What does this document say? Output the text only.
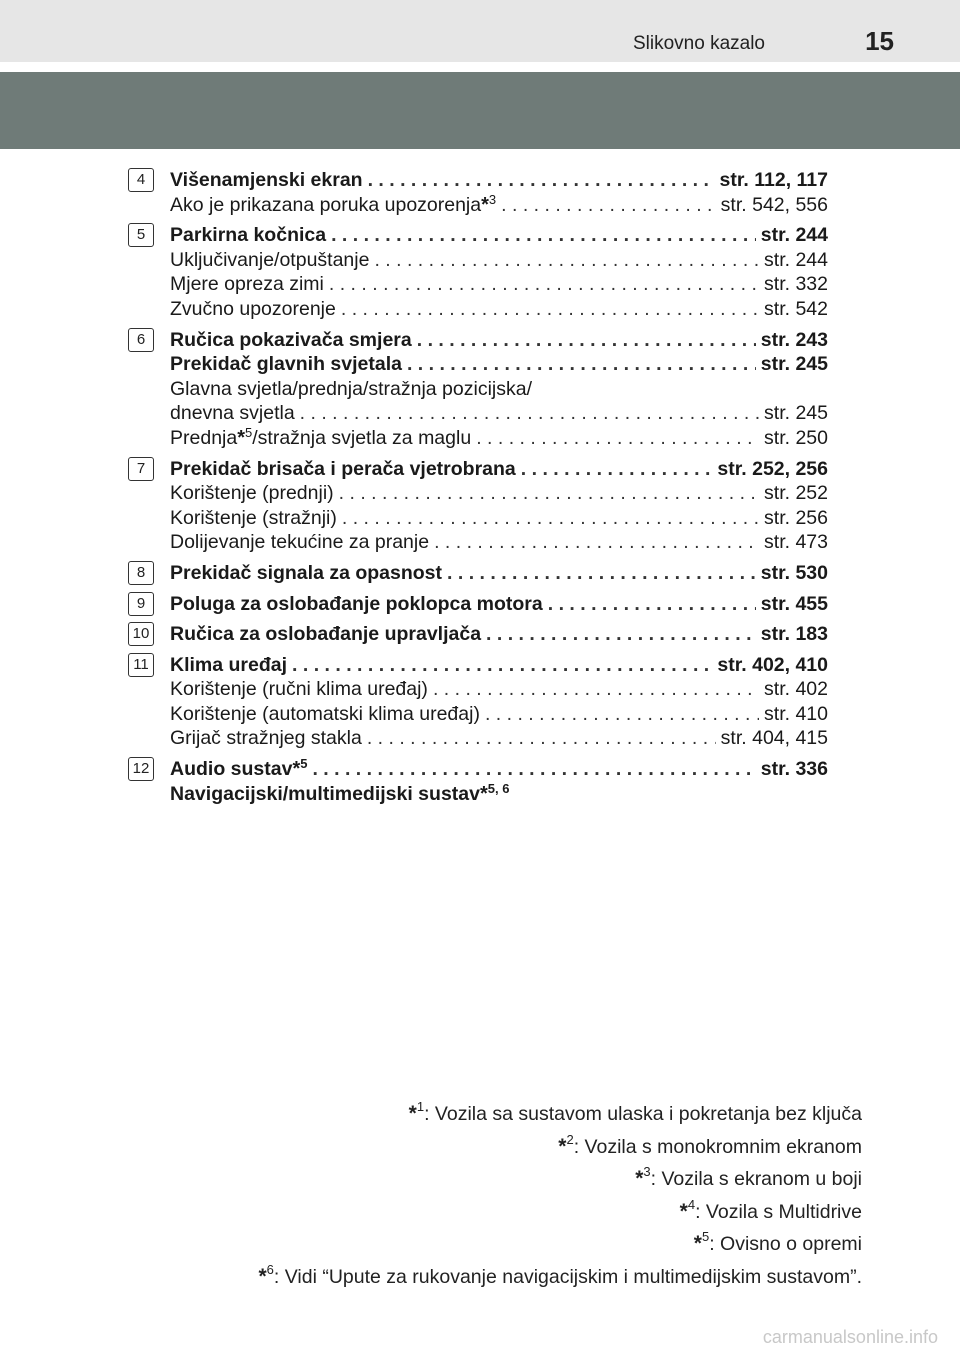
Slikovno kazalo	15
4	Višenamjenski ekran . . .	str. 112, 117
Ako je prikazana poruka upozorenja*$^3$ . . .	str. 542, 556
5	Parkirna kočnica . . .	str. 244
Uključivanje/otpuštanje . . .	str. 244
Mjere opreza zimi . . .	str. 332
Zvučno upozorenje . . .	str. 542
6	Ručica pokazivača smjera . . .	str. 243
Prekidač glavnih svjetala . . .	str. 245
Glavna svjetla/prednja/stražnja pozicijska/
dnevna svjetla . . .	str. 245
Prednja*$^5$/stražnja svjetla za maglu . . .	str. 250
7	Prekidač brisača i perača vjetrobrana . . .	str. 252, 256
Korištenje (prednji) . . .	str. 252
Korištenje (stražnji) . . .	str. 256
Dolijevanje tekućine za pranje . . .	str. 473
8	Prekidač signala za opasnost . . .	str. 530
9	Poluga za oslobađanje poklopca motora . . .	str. 455
10 Ručica za oslobađanje upravljača . . .	str. 183
11 Klima uređaj . . .	str. 402, 410
Korištenje (ručni klima uređaj) . . .	str. 402
Korištenje (automatski klima uređaj) . . .	str. 410
Grijač stražnjeg stakla . . .	str. 404, 415
12 Audio sustav*$^5$ . . .	str. 336
Navigacijski/multimedijski sustav*$^{5, 6}$
*$^1$: Vozila sa sustavom ulaska i pokretanja bez ključa
*$^2$: Vozila s monokromnim ekranom
*$^3$: Vozila s ekranom u boji
*$^4$: Vozila s Multidrive
*$^5$: Ovisno o opremi
*$^6$: Vidi “Upute za rukovanje navigacijskim i multimedijskim sustavom”.
carmanualsonline.info
